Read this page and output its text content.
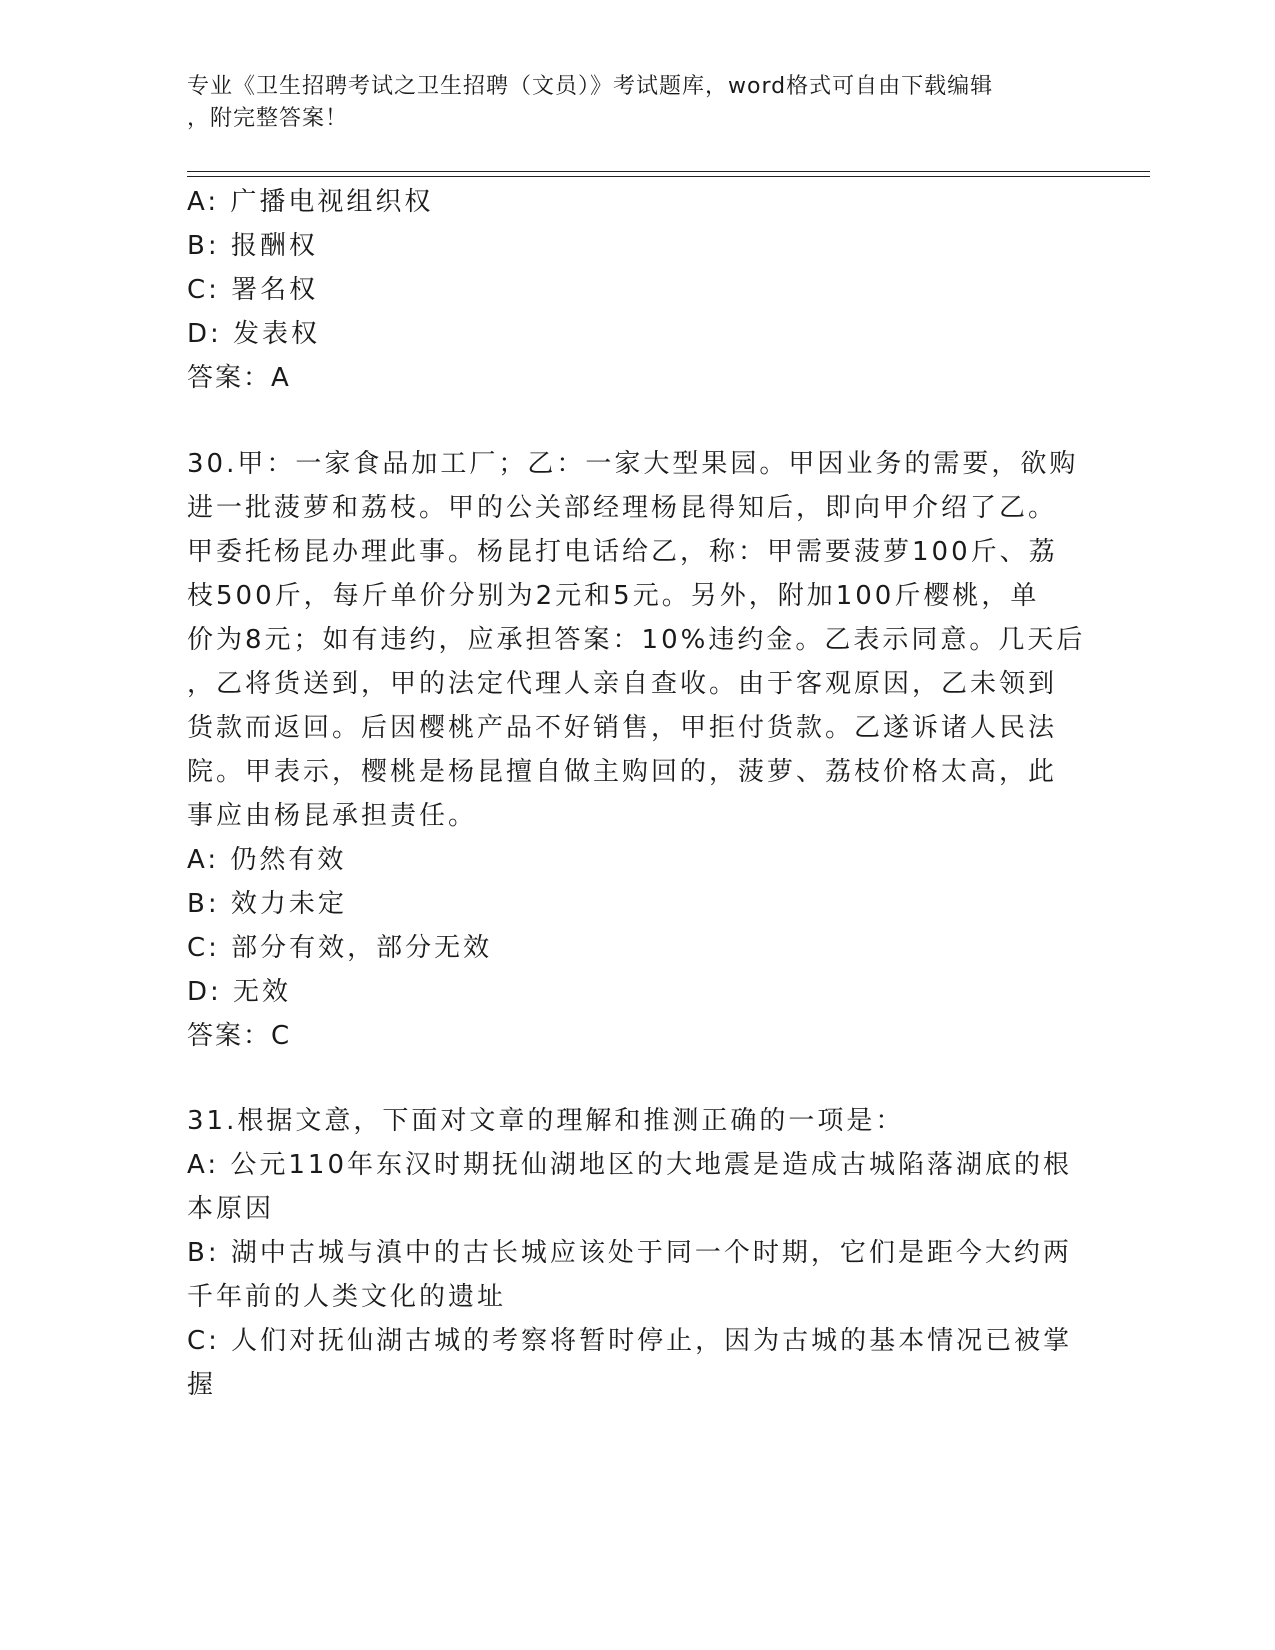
专业《卫生招聘考试之卫生招聘（文员）》考试题库，word格式可自由下载编辑
，附完整答案！
A: 广播电视组织权
B: 报酬权
C: 署名权
D: 发表权
答案：A
30.甲：一家食品加工厂；乙：一家大型果园。甲因业务的需要，欲购
进一批菠萝和荔枝。甲的公关部经理杨昆得知后，即向甲介绍了乙。
甲委托杨昆办理此事。杨昆打电话给乙，称：甲需要菠萝100斤、荔
枝500斤，每斤单价分别为2元和5元。另外，附加100斤樱桃，单
价为8元；如有违约，应承担答案：10%违约金。乙表示同意。几天后
，乙将货送到，甲的法定代理人亲自查收。由于客观原因，乙未领到
货款而返回。后因樱桃产品不好销售，甲拒付货款。乙遂诉诸人民法
院。甲表示，樱桃是杨昆擅自做主购回的，菠萝、荔枝价格太高，此
事应由杨昆承担责任。
A: 仍然有效
B: 效力未定
C: 部分有效，部分无效
D: 无效
答案：C
31.根据文意，下面对文章的理解和推测正确的一项是：
A: 公元110年东汉时期抚仙湖地区的大地震是造成古城陷落湖底的根
本原因
B: 湖中古城与滇中的古长城应该处于同一个时期，它们是距今大约两
千年前的人类文化的遗址
C: 人们对抚仙湖古城的考察将暂时停止，因为古城的基本情况已被掌
握
